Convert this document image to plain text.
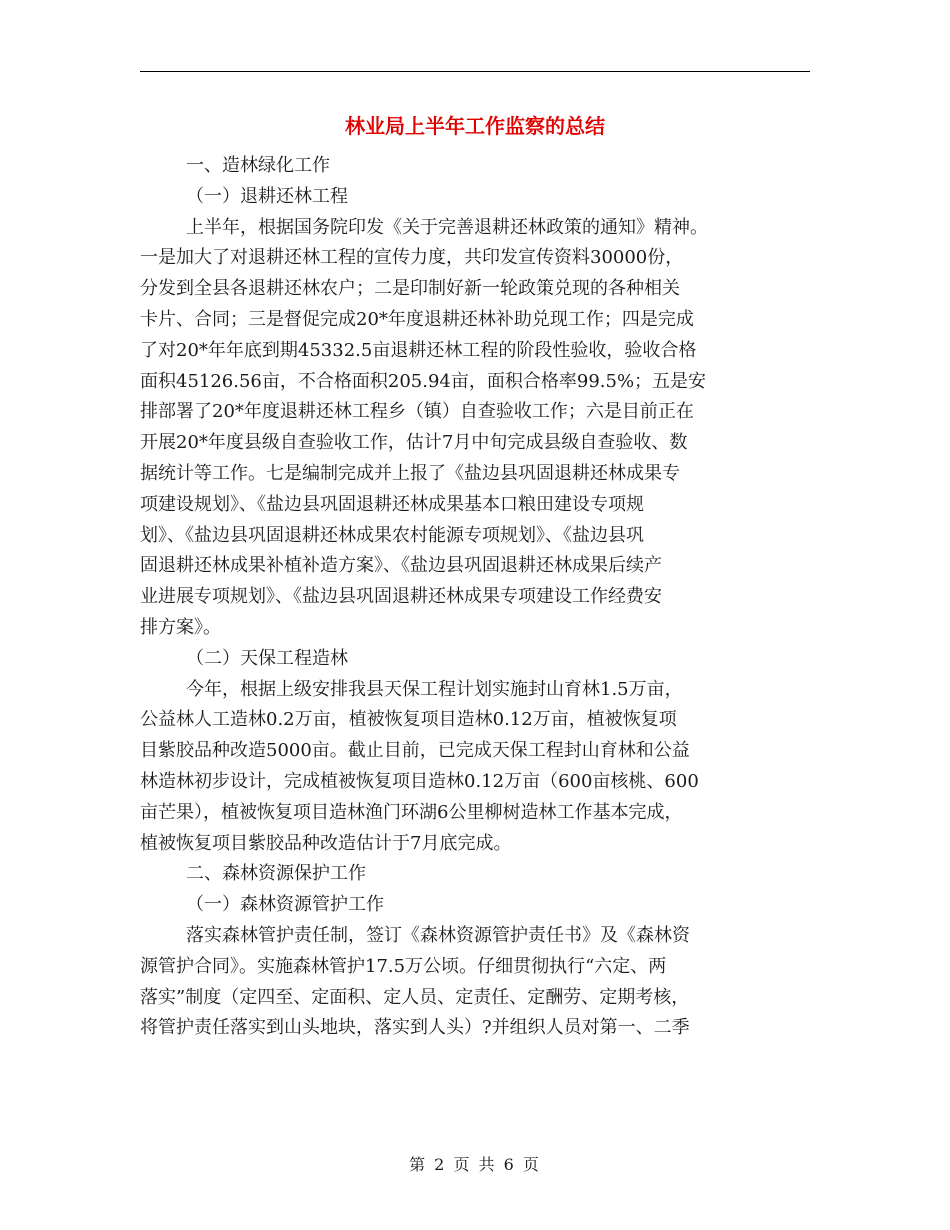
林业局上半年工作监察的总结

一、造林绿化工作

（一）退耕还林工程

上半年，根据国务院印发《关于完善退耕还林政策的通知》精神。
一是加大了对退耕还林工程的宣传力度，共印发宣传资料30000份，
分发到全县各退耕还林农户；二是印制好新一轮政策兑现的各种相关
卡片、合同；三是督促完成20*年度退耕还林补助兑现工作；四是完成
了对20*年年底到期45332.5亩退耕还林工程的阶段性验收，验收合格
面积45126.56亩，不合格面积205.94亩，面积合格率99.5%；五是安
排部署了20*年度退耕还林工程乡（镇）自查验收工作；六是目前正在
开展20*年度县级自查验收工作，估计7月中旬完成县级自查验收、数
据统计等工作。七是编制完成并上报了《盐边县巩固退耕还林成果专
项建设规划》、《盐边县巩固退耕还林成果基本口粮田建设专项规
划》、《盐边县巩固退耕还林成果农村能源专项规划》、《盐边县巩
固退耕还林成果补植补造方案》、《盐边县巩固退耕还林成果后续产
业进展专项规划》、《盐边县巩固退耕还林成果专项建设工作经费安
排方案》。

（二）天保工程造林

今年，根据上级安排我县天保工程计划实施封山育林1.5万亩，
公益林人工造林0.2万亩，植被恢复项目造林0.12万亩，植被恢复项
目紫胶品种改造5000亩。截止目前，已完成天保工程封山育林和公益
林造林初步设计，完成植被恢复项目造林0.12万亩（600亩核桃、600
亩芒果），植被恢复项目造林渔门环湖6公里柳树造林工作基本完成，
植被恢复项目紫胶品种改造估计于7月底完成。

二、森林资源保护工作

（一）森林资源管护工作

落实森林管护责任制，签订《森林资源管护责任书》及《森林资
源管护合同》。实施森林管护17.5万公顷。仔细贯彻执行“六定、两
落实”制度（定四至、定面积、定人员、定责任、定酬劳、定期考核，
将管护责任落实到山头地块，落实到人头）?并组织人员对第一、二季
第 2 页 共 6 页
